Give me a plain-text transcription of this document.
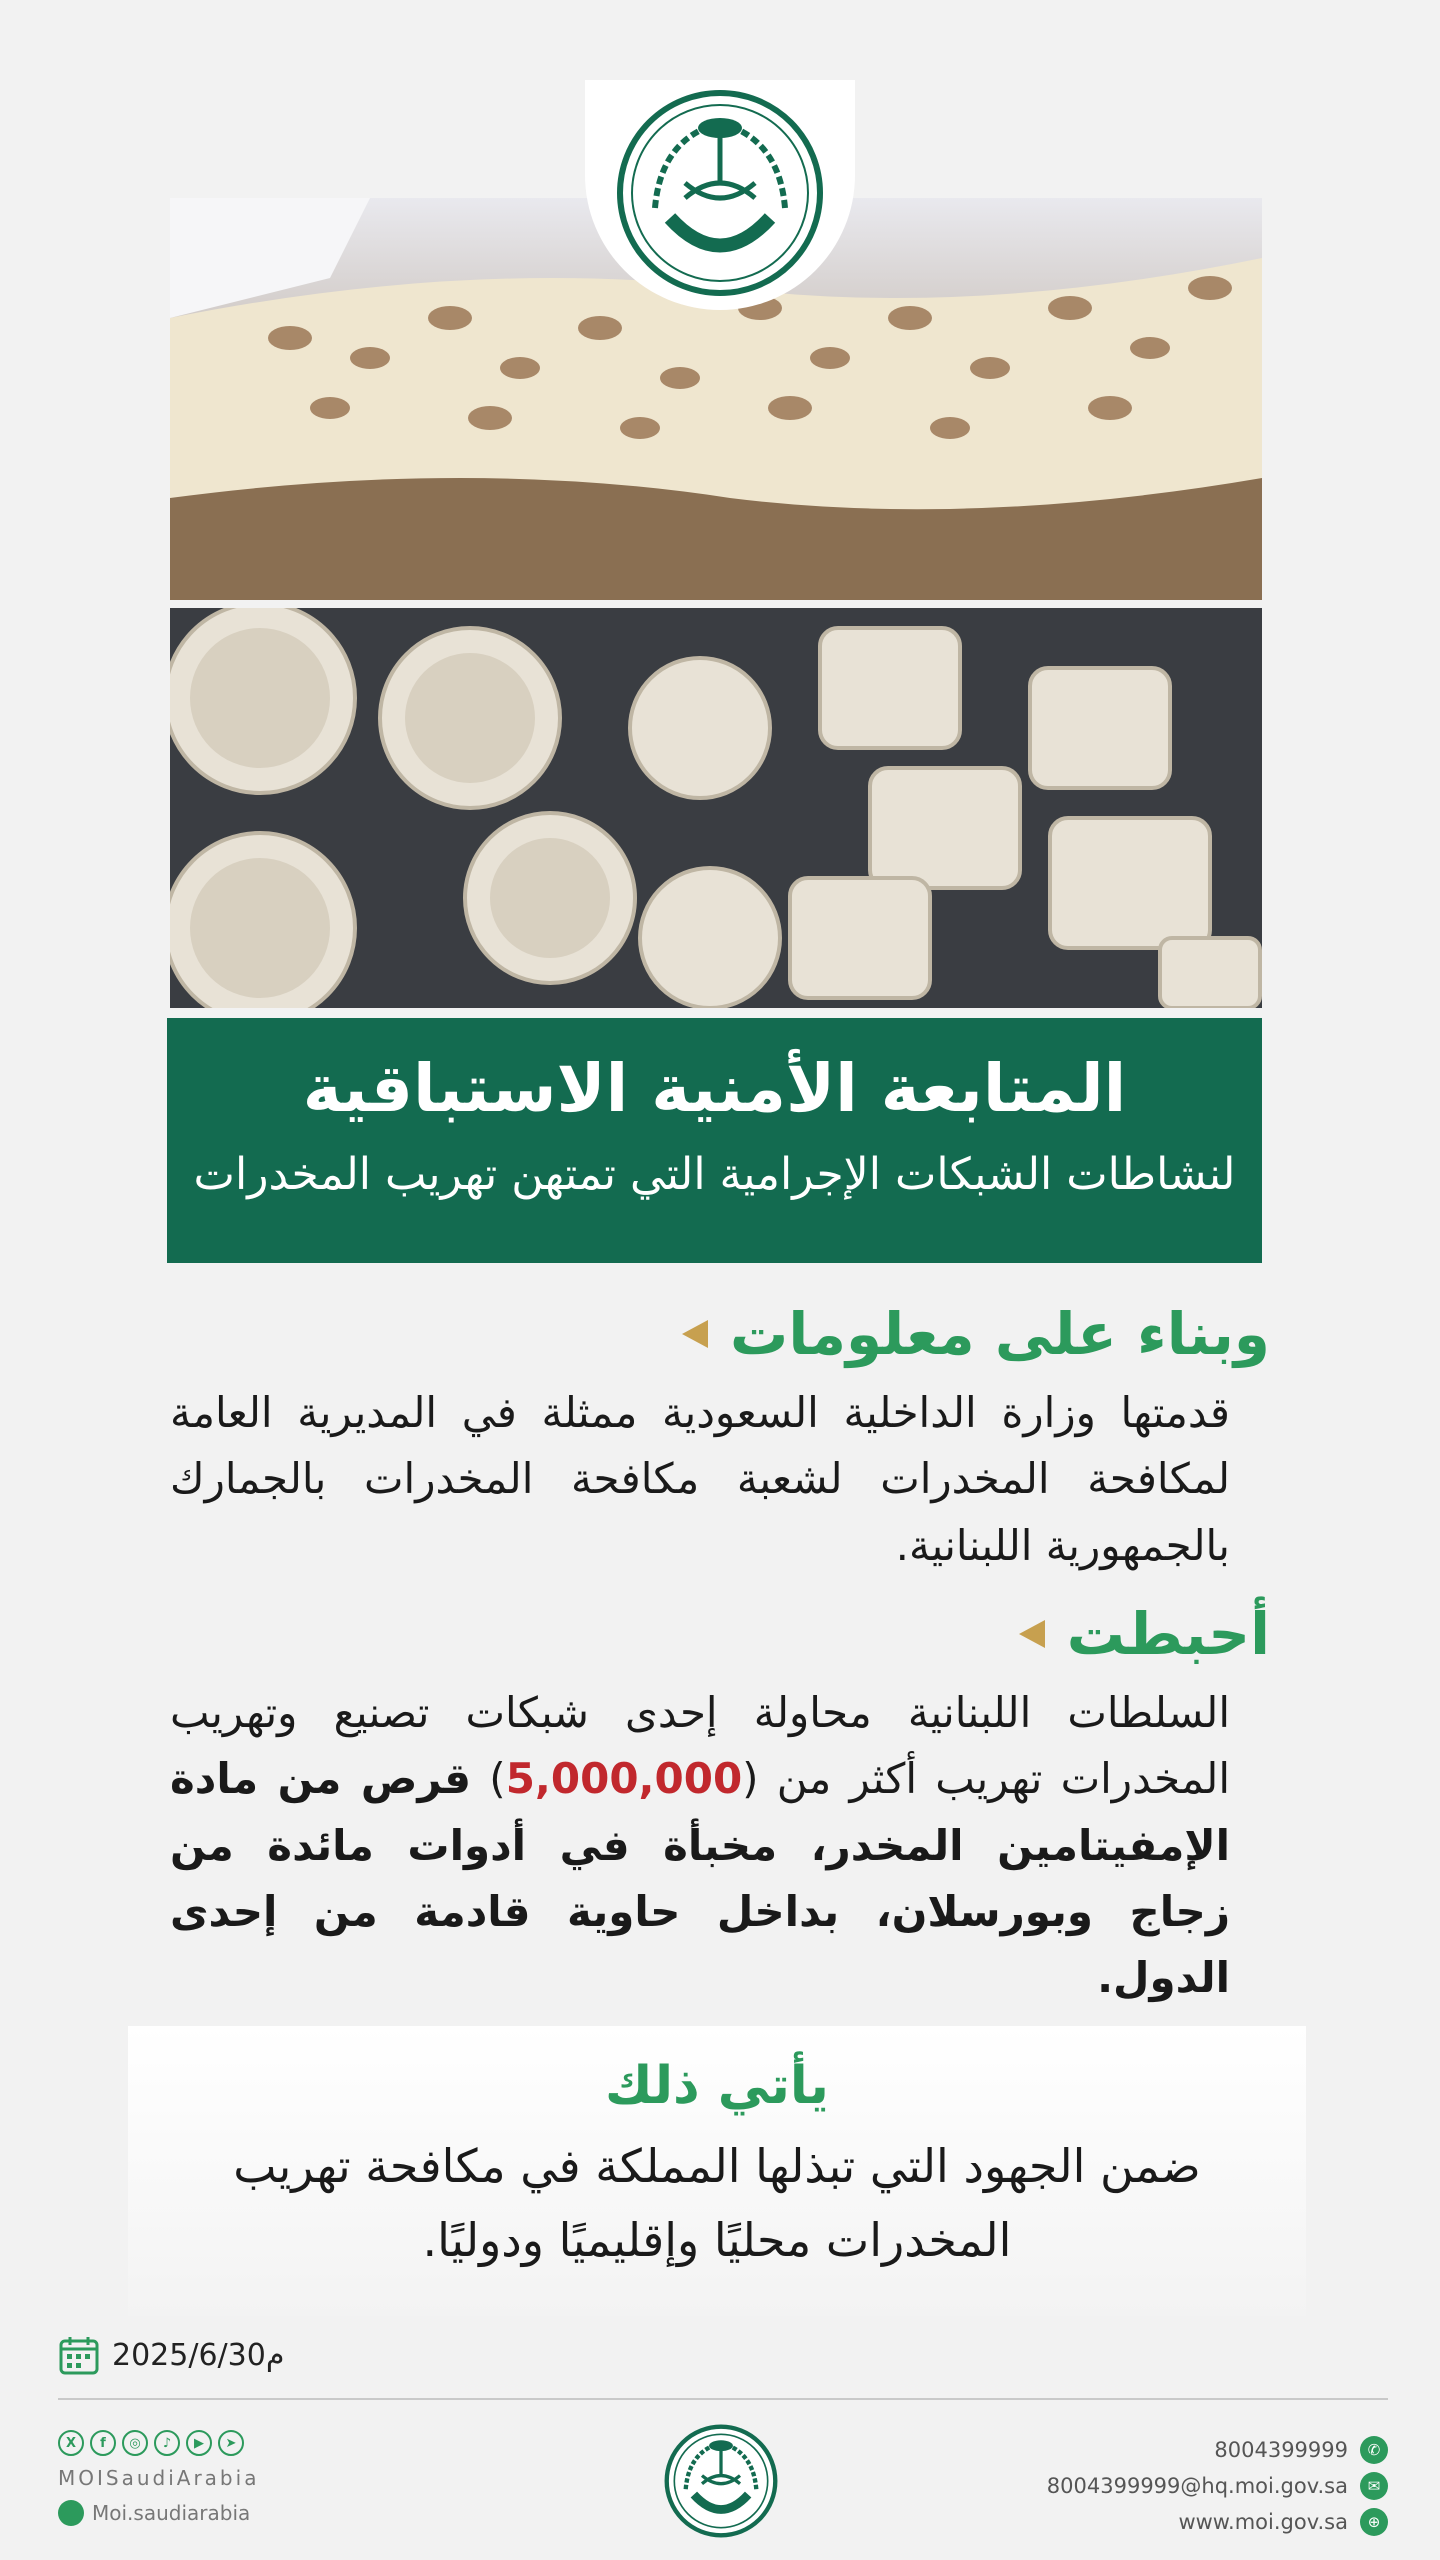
المتابعة الأمنية الاستباقية
لنشاطات الشبكات الإجرامية التي تمتهن تهريب المخدرات
وبناء على معلومات
قدمتها وزارة الداخلية السعودية ممثلة في المديرية العامة لمكافحة المخدرات لشعبة مكافحة المخدرات بالجمارك بالجمهورية اللبنانية.
أحبطت
السلطات اللبنانية محاولة إحدى شبكات تصنيع وتهريب المخدرات تهريب أكثر من (5,000,000) قرص من مادة الإمفيتامين المخدر، مخبأة في أدوات مائدة من زجاج وبورسلان، بداخل حاوية قادمة من إحدى الدول.
يأتي ذلك
ضمن الجهود التي تبذلها المملكة في مكافحة تهريب المخدرات محليًا وإقليميًا ودوليًا.
2025/6/30م
X	f	◎	♪	▶	➤
MOISaudiArabia
Moi.saudiarabia
8004399999	✆
8004399999@hq.moi.gov.sa	✉
www.moi.gov.sa	⊕
